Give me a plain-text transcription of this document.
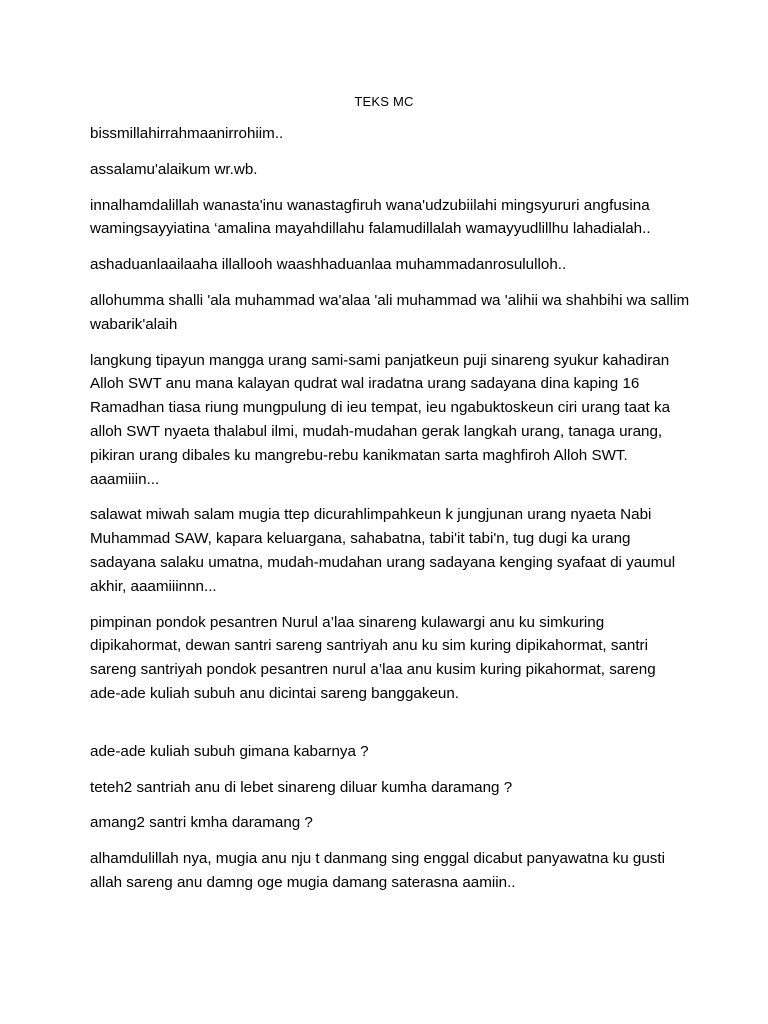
TEKS MC

bissmillahirrahmaanirrohiim..

assalamu'alaikum wr.wb.

innalhamdalillah wanasta'inu wanastagfiruh wana'udzubiilahi mingsyururi angfusina wamingsayyiatina ‘amalina mayahdillahu falamudillalah wamayyudlillhu lahadialah..

ashaduanlaailaaha illallooh waashhaduanlaa muhammadanrosululloh..

allohumma shalli 'ala muhammad wa'alaa 'ali muhammad wa 'alihii wa shahbihi wa sallim wabarik'alaih

langkung tipayun mangga urang sami-sami panjatkeun puji sinareng syukur kahadiran Alloh SWT anu mana kalayan qudrat wal iradatna urang sadayana dina kaping 16 Ramadhan tiasa riung mungpulung di ieu tempat, ieu ngabuktoskeun ciri urang taat ka alloh SWT nyaeta thalabul ilmi, mudah-mudahan gerak langkah urang, tanaga urang, pikiran urang dibales ku mangrebu-rebu kanikmatan sarta maghfiroh Alloh SWT. aaamiiin...

salawat miwah salam mugia ttep dicurahlimpahkeun k jungjunan urang nyaeta Nabi Muhammad SAW, kapara keluargana, sahabatna, tabi'it tabi'n, tug dugi ka urang sadayana salaku umatna, mudah-mudahan urang sadayana kenging syafaat di yaumul akhir, aaamiiinnn...

pimpinan pondok pesantren Nurul a’laa sinareng kulawargi anu ku simkuring dipikahormat, dewan santri sareng santriyah anu ku sim kuring dipikahormat, santri sareng santriyah pondok pesantren nurul a’laa anu kusim kuring pikahormat, sareng ade-ade kuliah subuh anu dicintai sareng banggakeun.

ade-ade kuliah subuh gimana kabarnya ?

teteh2 santriah anu di lebet sinareng diluar kumha daramang ?

amang2 santri kmha daramang ?

alhamdulillah nya, mugia anu nju t danmang sing enggal dicabut panyawatna ku gusti allah sareng anu damng oge mugia damang saterasna aamiin..
